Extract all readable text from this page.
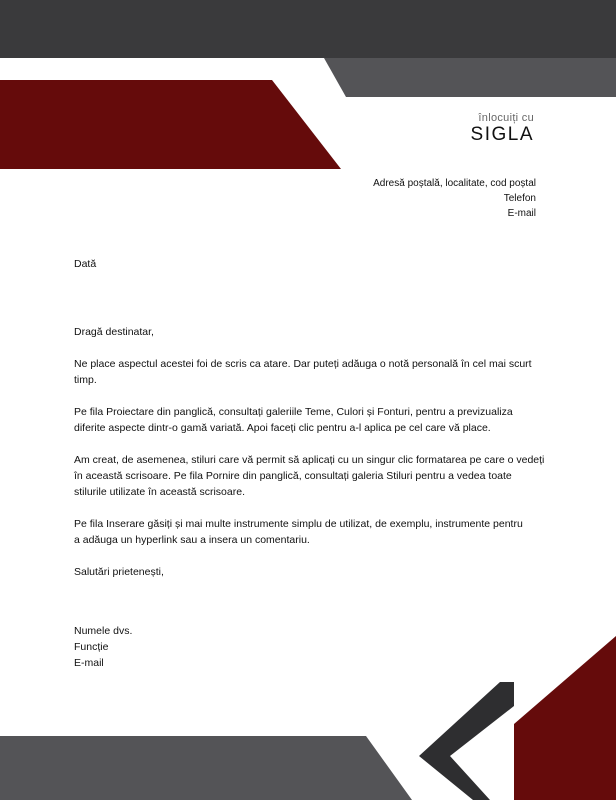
înlocuiți cu
SIGLA
Adresă poștală, localitate, cod poștal
Telefon
E-mail

Dată

Dragă destinatar,

Ne place aspectul acestei foi de scris ca atare. Dar puteți adăuga o notă personală în cel mai scurt
timp.

Pe fila Proiectare din panglică, consultați galeriile Teme, Culori și Fonturi, pentru a previzualiza
diferite aspecte dintr-o gamă variată. Apoi faceți clic pentru a-l aplica pe cel care vă place.

Am creat, de asemenea, stiluri care vă permit să aplicați cu un singur clic formatarea pe care o vedeți
în această scrisoare. Pe fila Pornire din panglică, consultați galeria Stiluri pentru a vedea toate
stilurile utilizate în această scrisoare.

Pe fila Inserare găsiți și mai multe instrumente simplu de utilizat, de exemplu, instrumente pentru
a adăuga un hyperlink sau a insera un comentariu.

Salutări prietenești,

Numele dvs.
Funcție
E-mail
